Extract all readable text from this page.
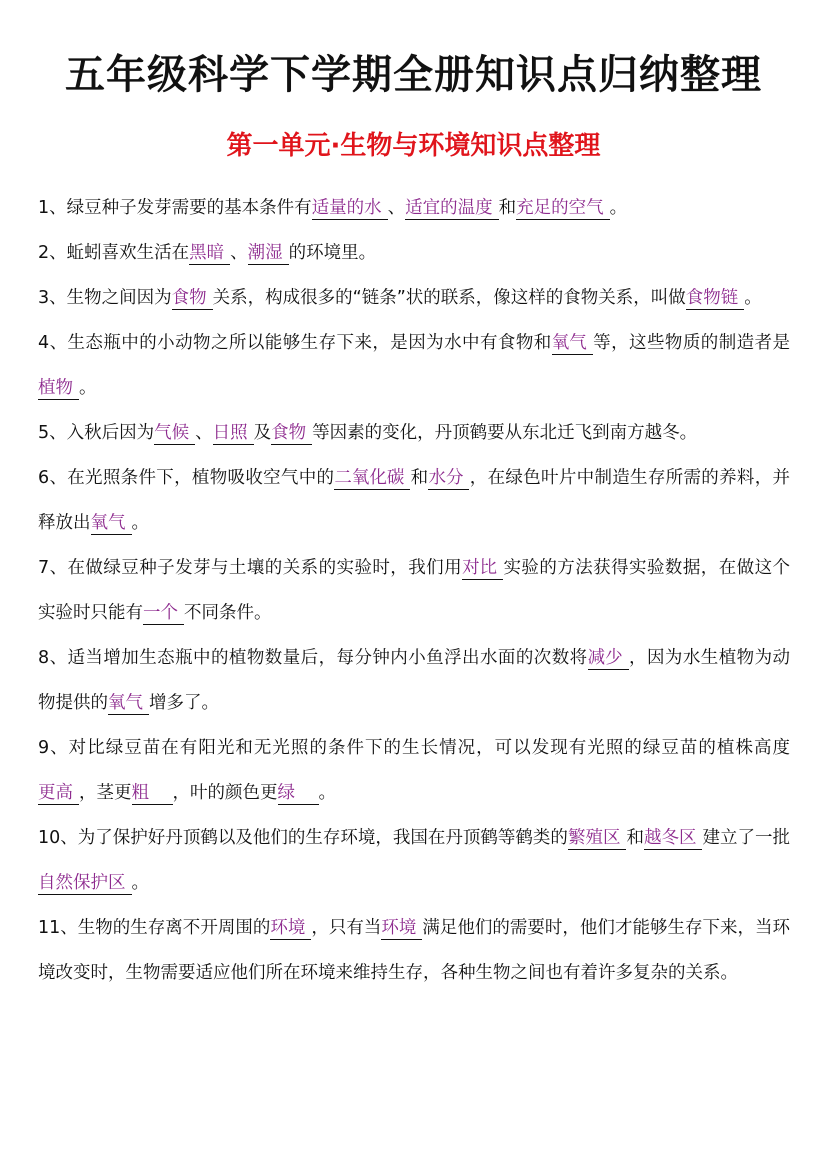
五年级科学下学期全册知识点归纳整理
第一单元·生物与环境知识点整理

1、绿豆种子发芽需要的基本条件有适量的水 、适宜的温度 和充足的空气 。

2、蚯蚓喜欢生活在黑暗 、潮湿 的环境里。

3、生物之间因为食物 关系，构成很多的“链条”状的联系，像这样的食物关系，叫做食物链 。

4、生态瓶中的小动物之所以能够生存下来，是因为水中有食物和氧气 等，这些物质的制造者是植物 。

5、入秋后因为气候 、日照 及食物 等因素的变化，丹顶鹤要从东北迁飞到南方越冬。

6、在光照条件下，植物吸收空气中的二氧化碳 和水分 ，在绿色叶片中制造生存所需的养料，并释放出氧气 。

7、在做绿豆种子发芽与土壤的关系的实验时，我们用对比 实验的方法获得实验数据，在做这个实验时只能有一个 不同条件。

8、适当增加生态瓶中的植物数量后，每分钟内小鱼浮出水面的次数将减少 ，因为水生植物为动物提供的氧气 增多了。

9、对比绿豆苗在有阳光和无光照的条件下的生长情况，可以发现有光照的绿豆苗的植株高度更高 ，茎更粗 ，叶的颜色更绿 。

10、为了保护好丹顶鹤以及他们的生存环境，我国在丹顶鹤等鹤类的繁殖区 和越冬区 建立了一批自然保护区 。

11、生物的生存离不开周围的环境 ，只有当环境 满足他们的需要时，他们才能够生存下来，当环境改变时，生物需要适应他们所在环境来维持生存，各种生物之间也有着许多复杂的关系。
